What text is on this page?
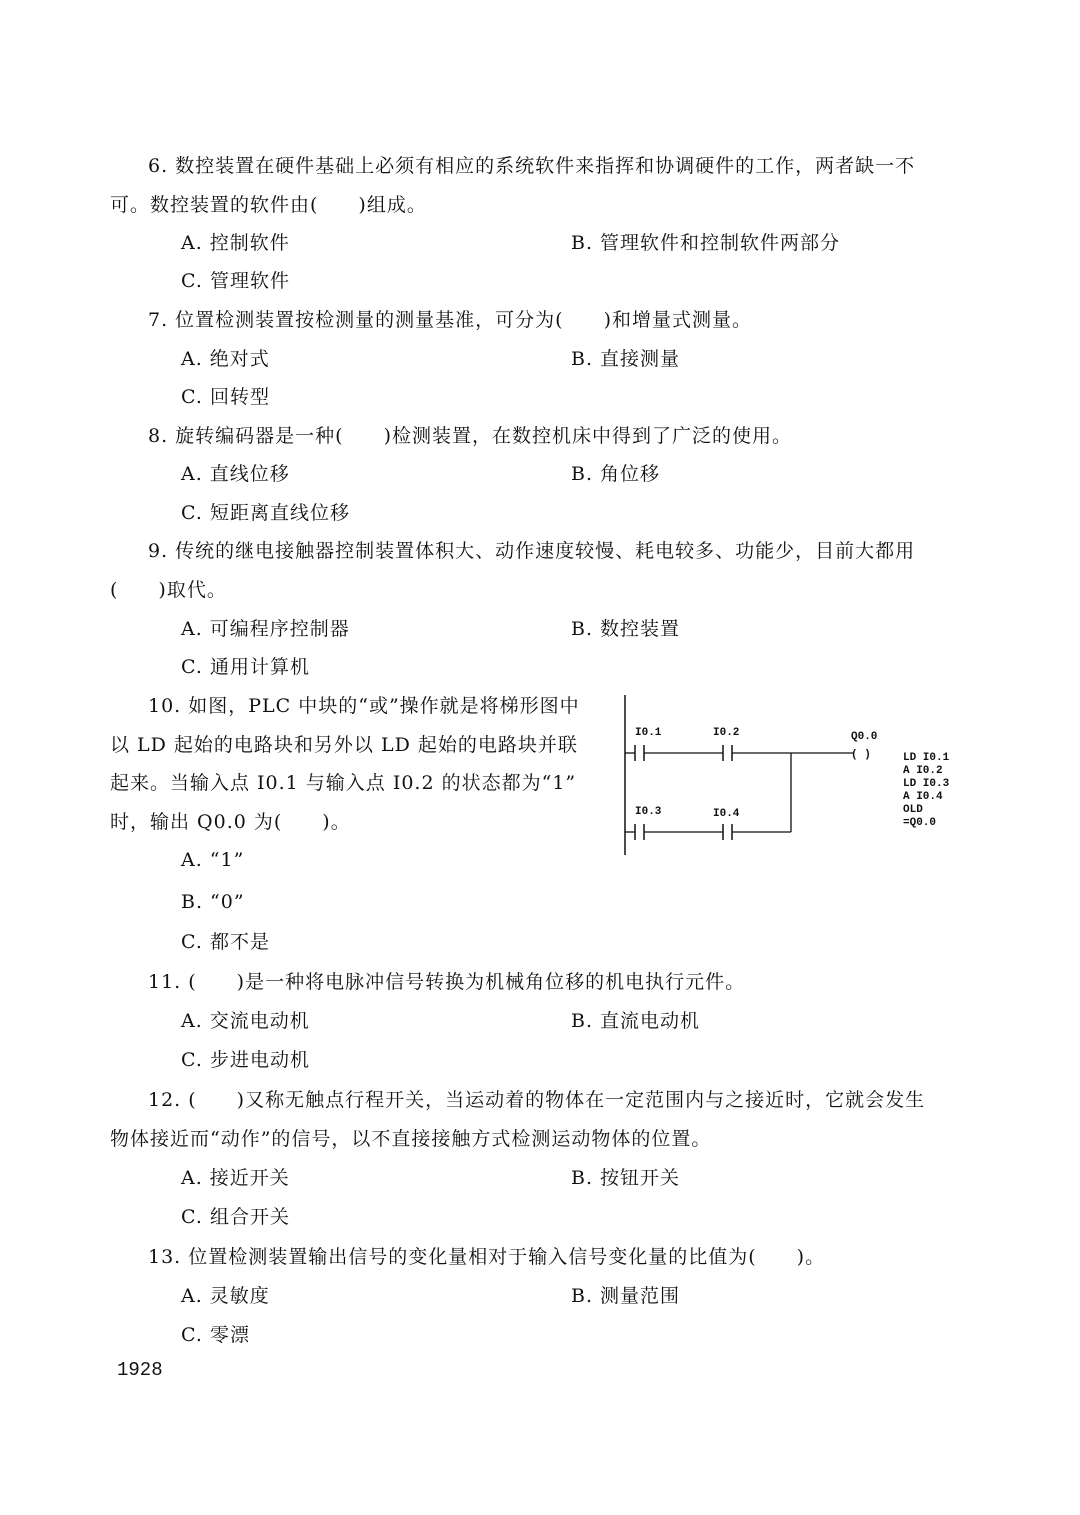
6. 数控装置在硬件基础上必须有相应的系统软件来指挥和协调硬件的工作，两者缺一不
可。数控装置的软件由(　　)组成。
A. 控制软件	B. 管理软件和控制软件两部分
C. 管理软件
7. 位置检测装置按检测量的测量基准，可分为(　　)和增量式测量。
A. 绝对式	B. 直接测量
C. 回转型
8. 旋转编码器是一种(　　)检测装置，在数控机床中得到了广泛的使用。
A. 直线位移	B. 角位移
C. 短距离直线位移
9. 传统的继电接触器控制装置体积大、动作速度较慢、耗电较多、功能少，目前大都用
(　　)取代。
A. 可编程序控制器	B. 数控装置
C. 通用计算机
10. 如图，PLC 中块的“或”操作就是将梯形图中
以 LD 起始的电路块和另外以 LD 起始的电路块并联
起来。当输入点 I0.1 与输入点 I0.2 的状态都为“1”
时，输出 Q0.0 为(　　)。
A. “1”
B. “0”
C. 都不是
I0.1	I0.2
I0.3	I0.4
Q0.0
( )	LD I0.1
A I0.2
LD I0.3
A I0.4
OLD
=Q0.0
11. (　　)是一种将电脉冲信号转换为机械角位移的机电执行元件。
A. 交流电动机	B. 直流电动机
C. 步进电动机
12. (　　)又称无触点行程开关，当运动着的物体在一定范围内与之接近时，它就会发生
物体接近而“动作”的信号，以不直接接触方式检测运动物体的位置。
A. 接近开关	B. 按钮开关
C. 组合开关
13. 位置检测装置输出信号的变化量相对于输入信号变化量的比值为(　　)。
A. 灵敏度	B. 测量范围
C. 零漂
1928
